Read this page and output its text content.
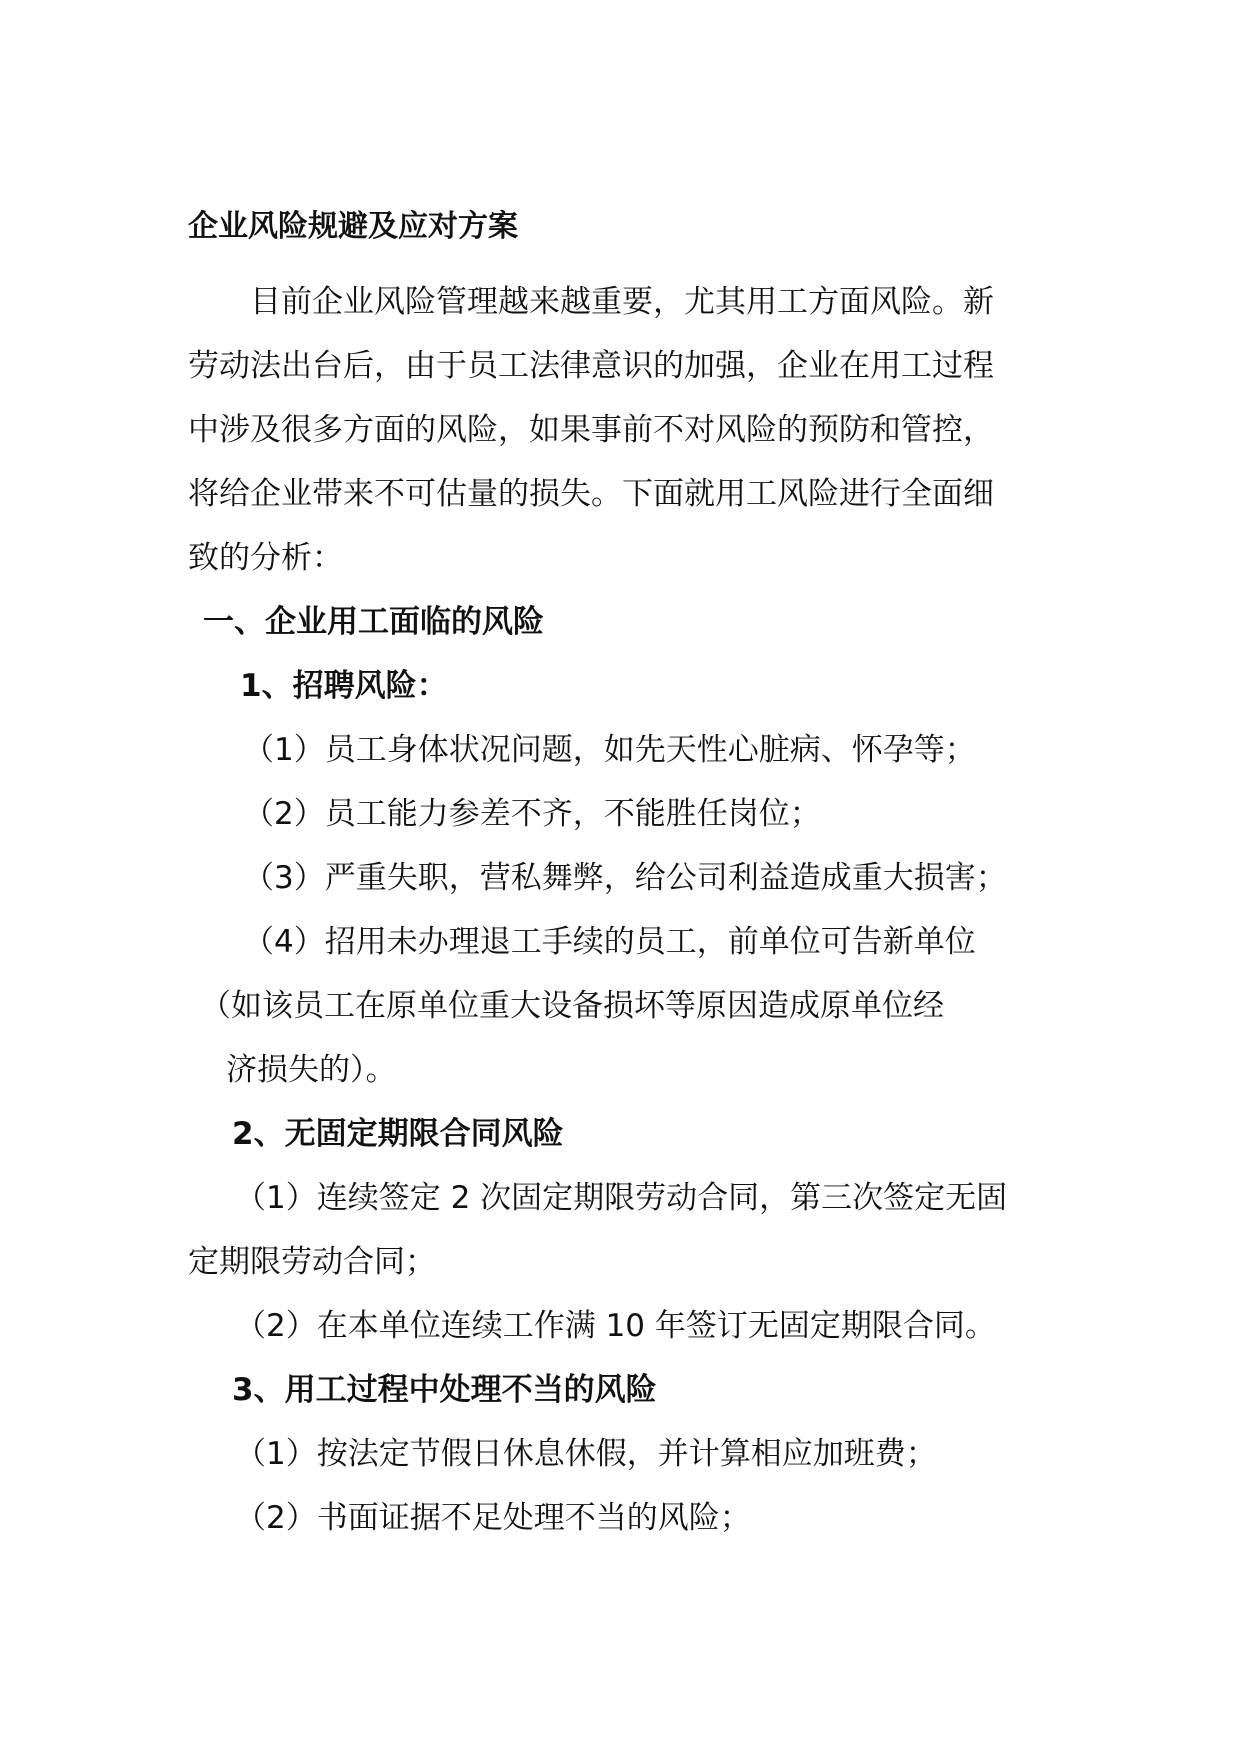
企业风险规避及应对方案
目前企业风险管理越来越重要，尤其用工方面风险。新
劳动法出台后，由于员工法律意识的加强，企业在用工过程
中涉及很多方面的风险，如果事前不对风险的预防和管控，
将给企业带来不可估量的损失。下面就用工风险进行全面细
致的分析：
一、企业用工面临的风险
1、招聘风险：
（1）员工身体状况问题，如先天性心脏病、怀孕等；
（2）员工能力参差不齐，不能胜任岗位；
（3）严重失职，营私舞弊，给公司利益造成重大损害；
（4）招用未办理退工手续的员工，前单位可告新单位
（如该员工在原单位重大设备损坏等原因造成原单位经
济损失的）。
2、无固定期限合同风险
（1）连续签定 2 次固定期限劳动合同，第三次签定无固
定期限劳动合同；
（2）在本单位连续工作满 10 年签订无固定期限合同。
3、用工过程中处理不当的风险
（1）按法定节假日休息休假，并计算相应加班费；
（2）书面证据不足处理不当的风险；
